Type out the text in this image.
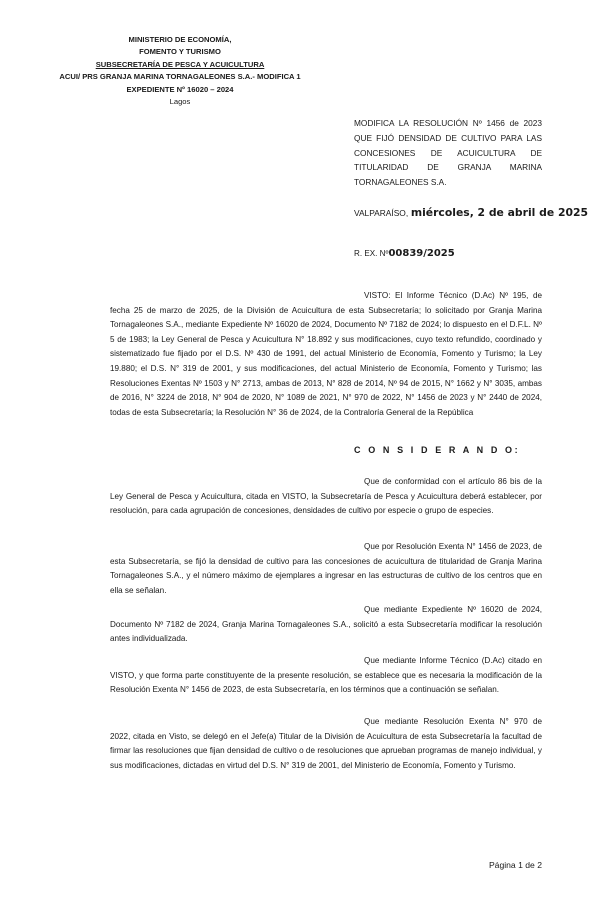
MINISTERIO DE ECONOMÍA,
FOMENTO Y TURISMO
SUBSECRETARÍA DE PESCA Y ACUICULTURA
ACUI/ PRS GRANJA MARINA TORNAGALEONES S.A.- MODIFICA 1
EXPEDIENTE Nº 16020 – 2024
Lagos
MODIFICA LA RESOLUCIÓN Nº 1456 de 2023 QUE FIJÓ DENSIDAD DE CULTIVO PARA LAS CONCESIONES DE ACUICULTURA DE TITULARIDAD DE GRANJA MARINA TORNAGALEONES S.A.
VALPARAÍSO, miércoles, 2 de abril de 2025
R. EX. Nº00839/2025
VISTO: El Informe Técnico (D.Ac) Nº 195, de fecha 25 de marzo de 2025, de la División de Acuicultura de esta Subsecretaría; lo solicitado por Granja Marina Tornagaleones S.A., mediante Expediente Nº 16020 de 2024, Documento Nº 7182 de 2024; lo dispuesto en el D.F.L. Nº 5 de 1983; la Ley General de Pesca y Acuicultura N° 18.892 y sus modificaciones, cuyo texto refundido, coordinado y sistematizado fue fijado por el D.S. Nº 430 de 1991, del actual Ministerio de Economía, Fomento y Turismo; la Ley 19.880; el D.S. N° 319 de 2001, y sus modificaciones, del actual Ministerio de Economía, Fomento y Turismo; las Resoluciones Exentas Nº 1503 y N° 2713, ambas de 2013, N° 828 de 2014, Nº 94 de 2015, N° 1662 y N° 3035, ambas de 2016, N° 3224 de 2018, N° 904 de 2020, N° 1089 de 2021, N° 970 de 2022, N° 1456 de 2023 y N° 2440 de 2024, todas de esta Subsecretaría; la Resolución N° 36 de 2024, de la Contraloría General de la República
C O N S I D E R A N D O:
Que de conformidad con el artículo 86 bis de la Ley General de Pesca y Acuicultura, citada en VISTO, la Subsecretaría de Pesca y Acuicultura deberá establecer, por resolución, para cada agrupación de concesiones, densidades de cultivo por especie o grupo de especies.
Que por Resolución Exenta N° 1456 de 2023, de esta Subsecretaría, se fijó la densidad de cultivo para las concesiones de acuicultura de titularidad de Granja Marina Tornagaleones S.A., y el número máximo de ejemplares a ingresar en las estructuras de cultivo de los centros que en ella se señalan.
Que mediante Expediente Nº 16020 de 2024, Documento Nº 7182 de 2024, Granja Marina Tornagaleones S.A., solicitó a esta Subsecretaría modificar la resolución antes individualizada.
Que mediante Informe Técnico (D.Ac) citado en VISTO, y que forma parte constituyente de la presente resolución, se establece que es necesaria la modificación de la Resolución Exenta N° 1456 de 2023, de esta Subsecretaría, en los términos que a continuación se señalan.
Que mediante Resolución Exenta N° 970 de 2022, citada en Visto, se delegó en el Jefe(a) Titular de la División de Acuicultura de esta Subsecretaría la facultad de firmar las resoluciones que fijan densidad de cultivo o de resoluciones que aprueban programas de manejo individual, y sus modificaciones, dictadas en virtud del D.S. N° 319 de 2001, del Ministerio de Economía, Fomento y Turismo.
Página 1 de 2
